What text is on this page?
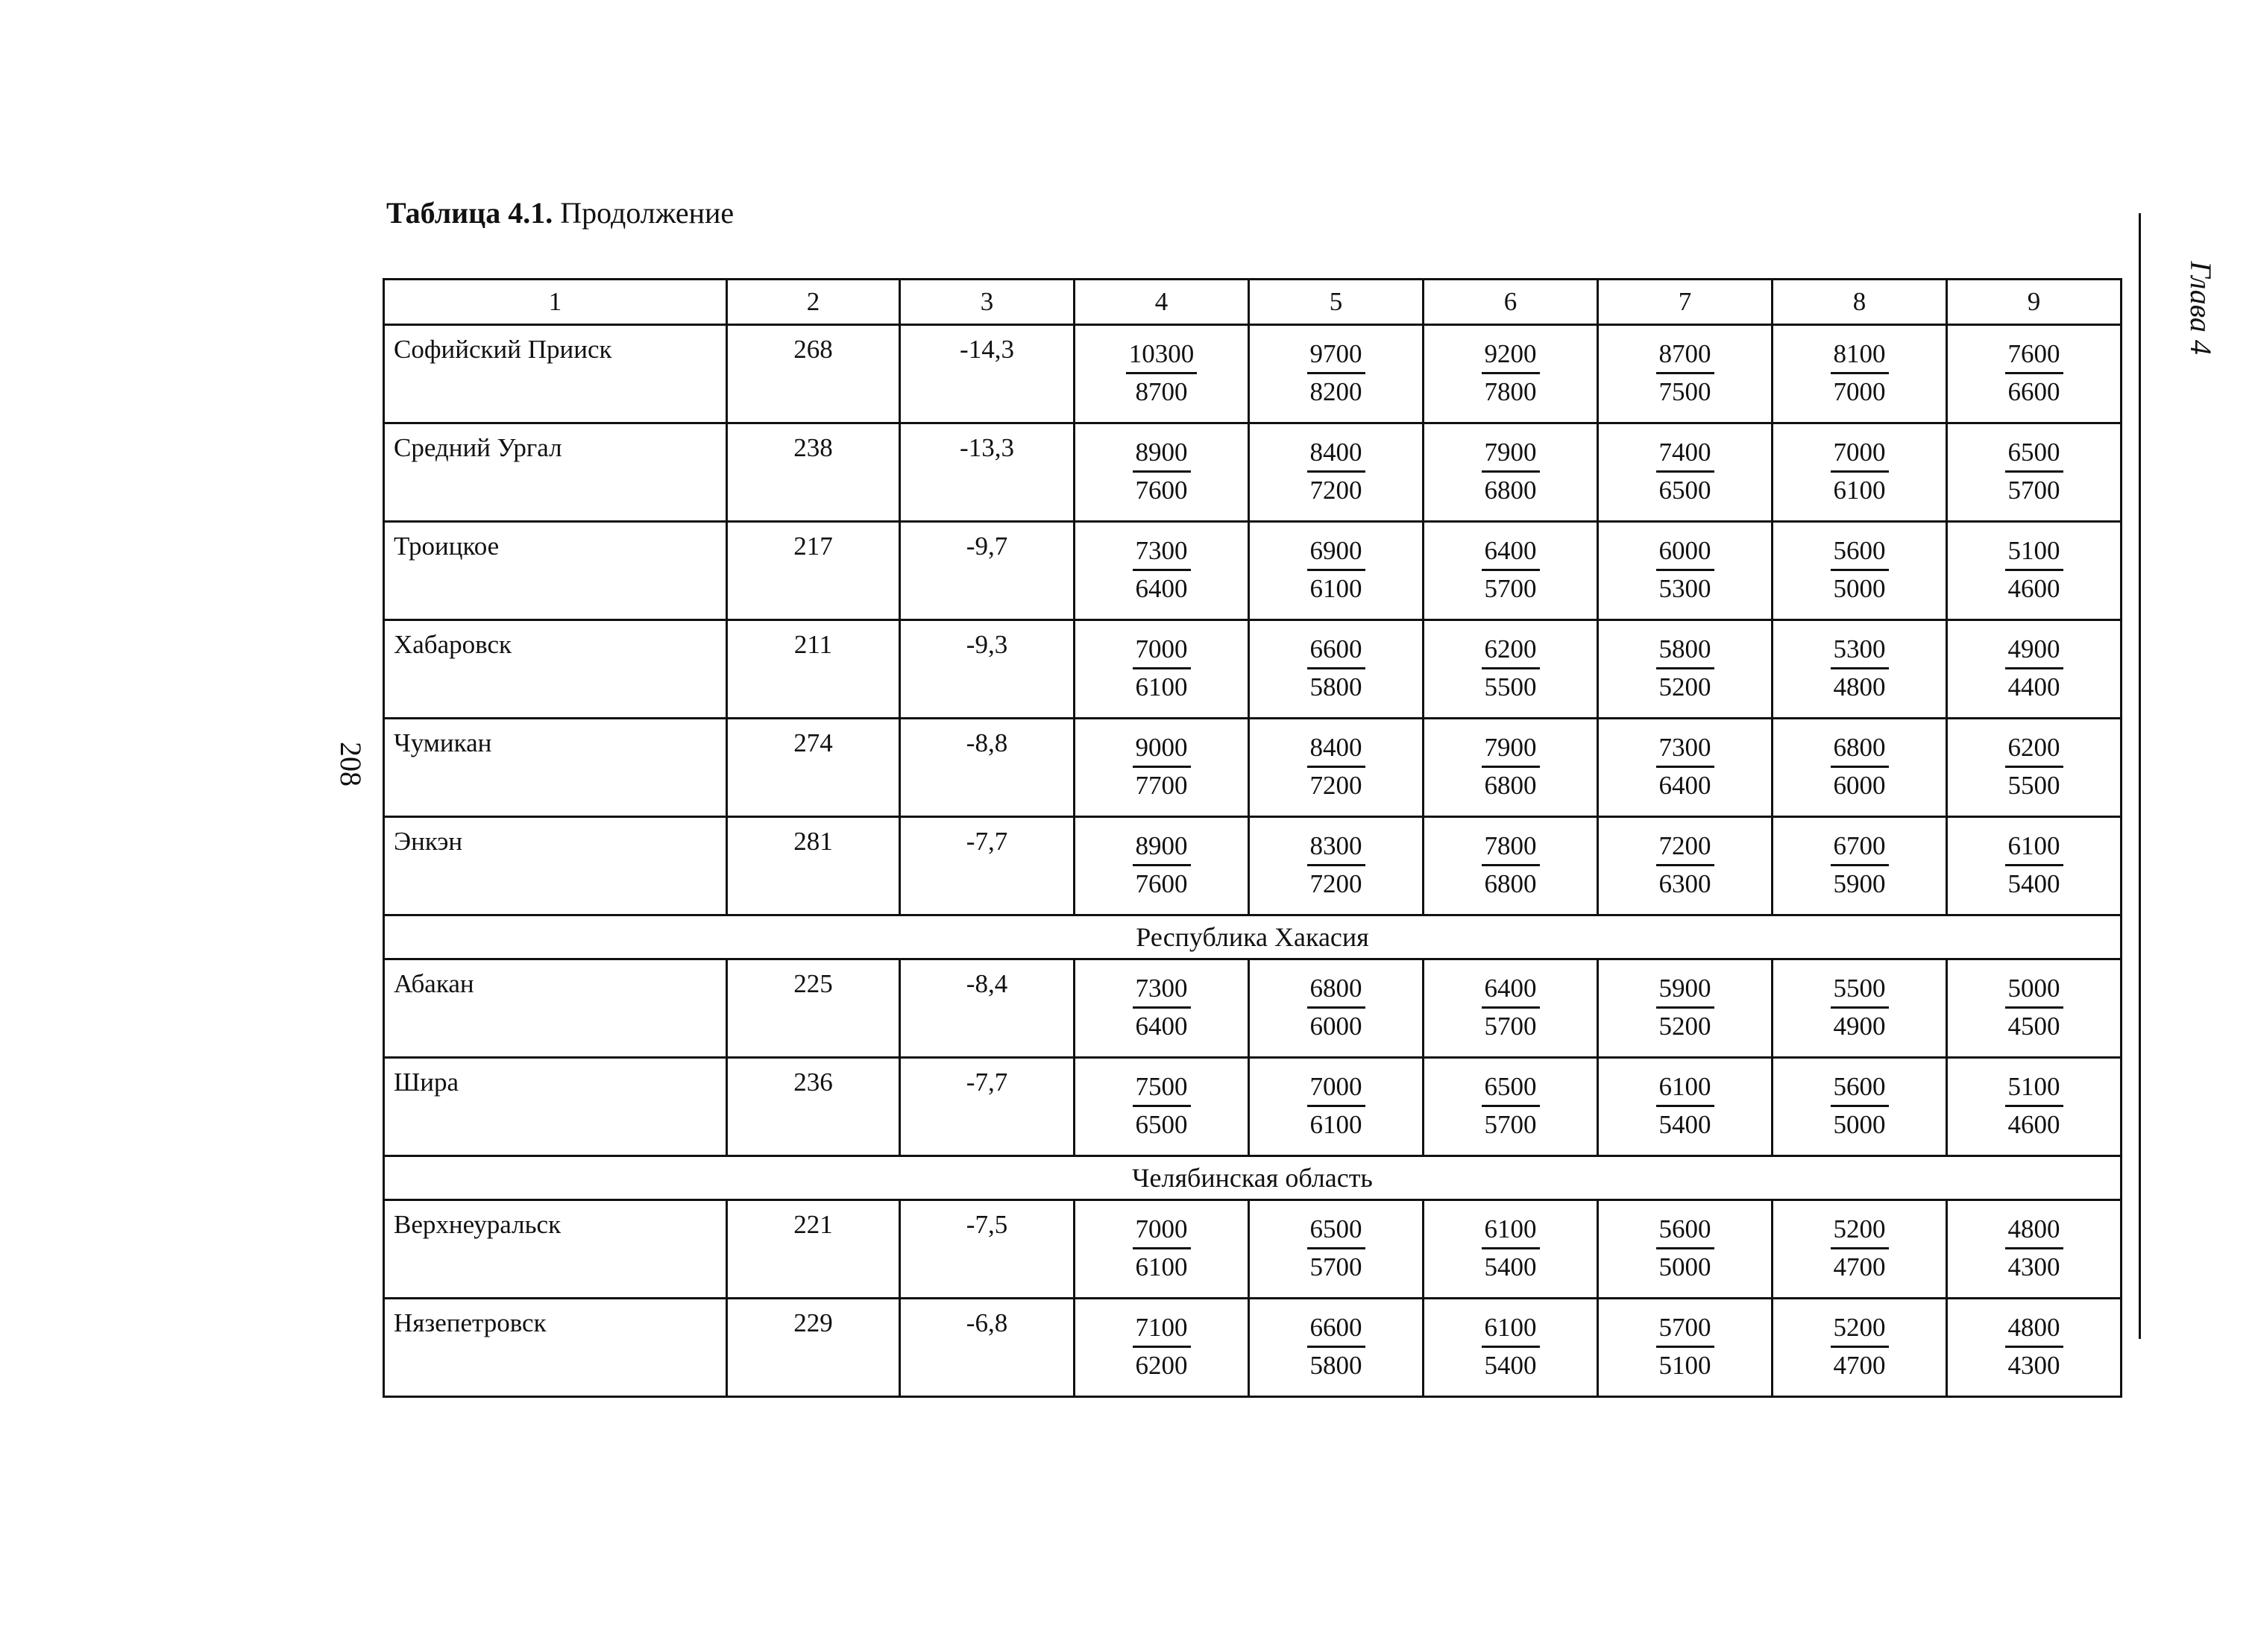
Таблица 4.1. Продолжение
208
Глава 4
1	2	3	4	5	6	7	8	9
Софийский Прииск	268	-14,3	$\frac{10300}{8700}$	$\frac{9700}{8200}$	$\frac{9200}{7800}$	$\frac{8700}{7500}$	$\frac{8100}{7000}$	$\frac{7600}{6600}$

Средний Ургал	238	-13,3	$\frac{8900}{7600}$	$\frac{8400}{7200}$	$\frac{7900}{6800}$	$\frac{7400}{6500}$	$\frac{7000}{6100}$	$\frac{6500}{5700}$

Троицкое	217	-9,7	$\frac{7300}{6400}$	$\frac{6900}{6100}$	$\frac{6400}{5700}$	$\frac{6000}{5300}$	$\frac{5600}{5000}$	$\frac{5100}{4600}$

Хабаровск	211	-9,3	$\frac{7000}{6100}$	$\frac{6600}{5800}$	$\frac{6200}{5500}$	$\frac{5800}{5200}$	$\frac{5300}{4800}$	$\frac{4900}{4400}$

Чумикан	274	-8,8	$\frac{9000}{7700}$	$\frac{8400}{7200}$	$\frac{7900}{6800}$	$\frac{7300}{6400}$	$\frac{6800}{6000}$	$\frac{6200}{5500}$

Энкэн	281	-7,7	$\frac{8900}{7600}$	$\frac{8300}{7200}$	$\frac{7800}{6800}$	$\frac{7200}{6300}$	$\frac{6700}{5900}$	$\frac{6100}{5400}$

Республика Хакасия								
Абакан	225	-8,4	$\frac{7300}{6400}$	$\frac{6800}{6000}$	$\frac{6400}{5700}$	$\frac{5900}{5200}$	$\frac{5500}{4900}$	$\frac{5000}{4500}$

Шира	236	-7,7	$\frac{7500}{6500}$	$\frac{7000}{6100}$	$\frac{6500}{5700}$	$\frac{6100}{5400}$	$\frac{5600}{5000}$	$\frac{5100}{4600}$

Челябинская область								
Верхнеуральск	221	-7,5	$\frac{7000}{6100}$	$\frac{6500}{5700}$	$\frac{6100}{5400}$	$\frac{5600}{5000}$	$\frac{5200}{4700}$	$\frac{4800}{4300}$

Нязепетровск	229	-6,8	$\frac{7100}{6200}$	$\frac{6600}{5800}$	$\frac{6100}{5400}$	$\frac{5700}{5100}$	$\frac{5200}{4700}$	$\frac{4800}{4300}$
